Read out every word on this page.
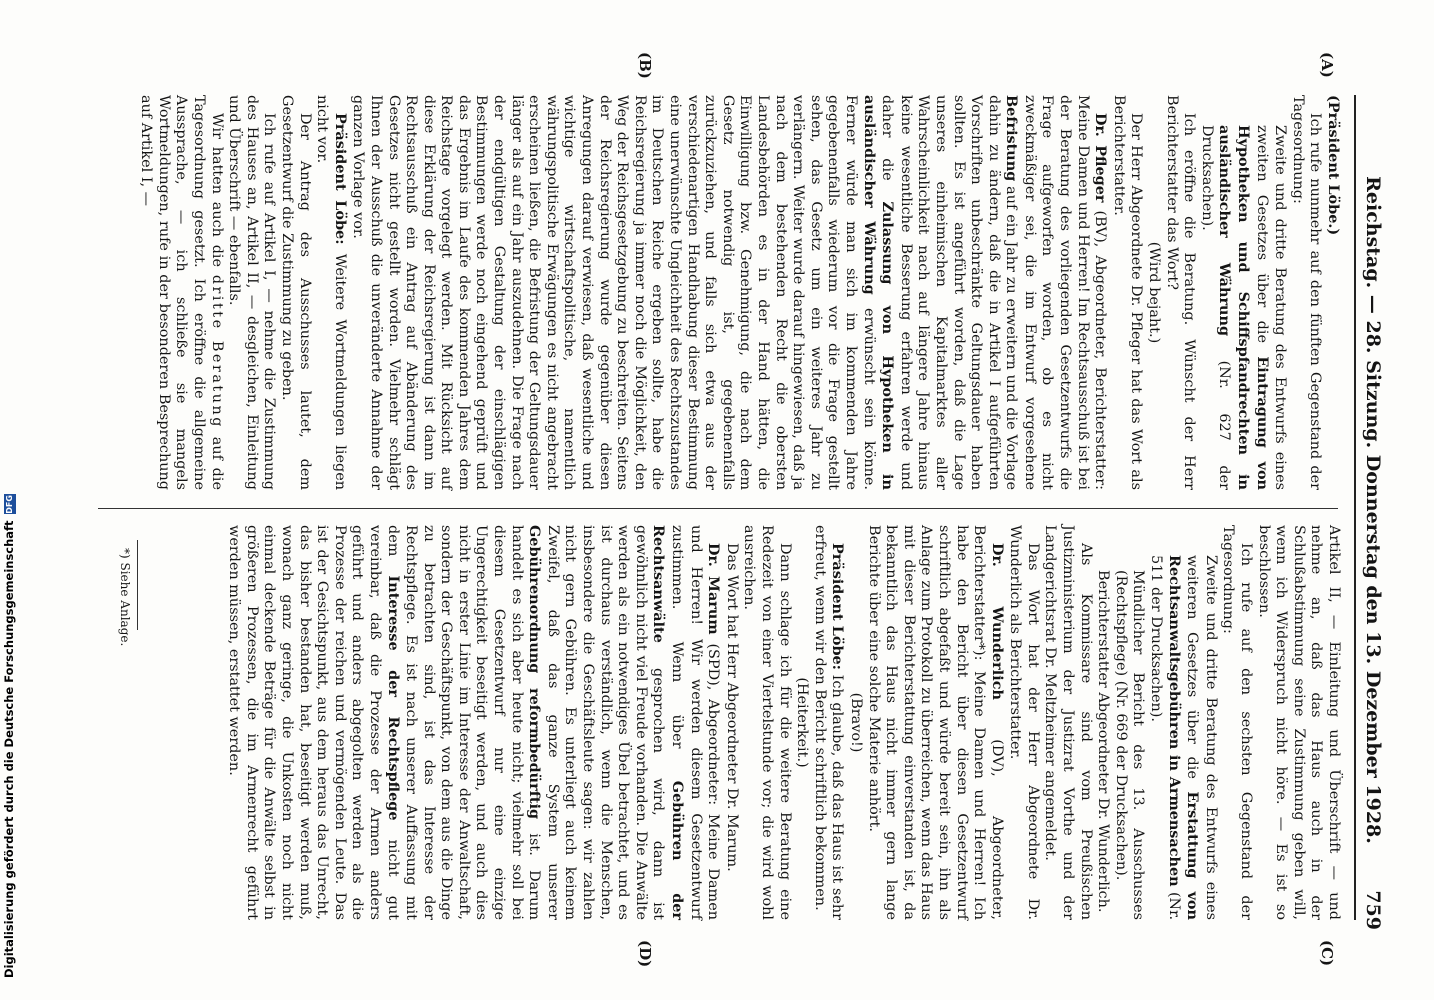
Reichstag. — 28. Sitzung. Donnerstag den 13. Dezember 1928.
759
(A)
(B)
(C)
(D)

(Präsident Löbe.)

Ich rufe nunmehr auf den fünften Gegenstand der Tagesordnung:

Zweite und dritte Beratung des Entwurfs eines zweiten Gesetzes über die Eintragung von Hypotheken und Schiffspfandrechten in ausländischer Währung (Nr. 627 der Drucksachen).

Ich eröffne die Beratung. Wünscht der Herr Berichterstatter das Wort?

(Wird bejaht.)

Der Herr Abgeordnete Dr. Pfleger hat das Wort als Berichterstatter.

Dr. Pfleger (BV), Abgeordneter, Berichterstatter: Meine Damen und Herren! Im Rechtsausschuß ist bei der Beratung des vorliegenden Gesetzentwurfs die Frage aufgeworfen worden, ob es nicht zweckmäßiger sei, die im Entwurf vorgesehene Befristung auf ein Jahr zu erweitern und die Vorlage dahin zu ändern, daß die in Artikel I aufgeführten Vorschriften unbeschränkte Geltungsdauer haben sollten. Es ist angeführt worden, daß die Lage unseres einheimischen Kapitalmarktes aller Wahrscheinlichkeit nach auf längere Jahre hinaus keine wesentliche Besserung erfahren werde und daher die Zulassung von Hypotheken in ausländischer Währung erwünscht sein könne. Ferner würde man sich im kommenden Jahre gegebenenfalls wiederum vor die Frage gestellt sehen, das Gesetz um ein weiteres Jahr zu verlängern. Weiter wurde darauf hingewiesen, daß ja nach dem bestehenden Recht die obersten Landesbehörden es in der Hand hätten, die Einwilligung bzw. Genehmigung, die nach dem Gesetz notwendig ist, gegebenenfalls zurückzuziehen, und falls sich etwa aus der verschiedenartigen Handhabung dieser Bestimmung eine unerwünschte Ungleichheit des Rechtszustandes im Deutschen Reiche ergeben sollte, habe die Reichsregierung ja immer noch die Möglichkeit, den Weg der Reichsgesetzgebung zu beschreiten. Seitens der Reichsregierung wurde gegenüber diesen Anregungen darauf verwiesen, daß wesentliche und wichtige wirtschaftspolitische, namentlich währungspolitische Erwägungen es nicht angebracht erscheinen ließen, die Befristung der Geltungsdauer länger als auf ein Jahr auszudehnen. Die Frage nach der endgültigen Gestaltung der einschlägigen Bestimmungen werde noch eingehend geprüft und das Ergebnis im Laufe des kommenden Jahres dem Reichstage vorgelegt werden. Mit Rücksicht auf diese Erklärung der Reichsregierung ist dann im Rechtsausschuß ein Antrag auf Abänderung des Gesetzes nicht gestellt worden. Vielmehr schlägt Ihnen der Ausschuß die unveränderte Annahme der ganzen Vorlage vor.

Präsident Löbe: Weitere Wortmeldungen liegen nicht vor.

Der Antrag des Ausschusses lautet, dem Gesetzentwurf die Zustimmung zu geben.

Ich rufe auf Artikel I, — nehme die Zustimmung des Hauses an, Artikel II, — desgleichen, Einleitung und Überschrift — ebenfalls.

Wir hatten auch die dritte Beratung auf die Tagesordnung gesetzt. Ich eröffne die allgemeine Aussprache, — ich schließe sie mangels Wortmeldungen, rufe in der besonderen Besprechung auf Artikel I, —

Artikel II, — Einleitung und Überschrift — und nehme an, daß das Haus auch in der Schlußabstimmung seine Zustimmung geben will, wenn ich Widerspruch nicht höre. — Es ist so beschlossen.

Ich rufe auf den sechsten Gegenstand der Tagesordnung:

Zweite und dritte Beratung des Entwurfs eines weiteren Gesetzes über die Erstattung von Rechtsanwaltsgebühren in Armensachen (Nr. 511 der Drucksachen).

Mündlicher Bericht des 13. Ausschusses (Rechtspflege) (Nr. 669 der Drucksachen).

Berichterstatter Abgeordneter Dr. Wunderlich.

Als Kommissare sind vom Preußischen Justizministerium der Justizrat Vorthe und der Landgerichtsrat Dr. Meltzheimer angemeldet.

Das Wort hat der Herr Abgeordnete Dr. Wunderlich als Berichterstatter.

Dr. Wunderlich (DV), Abgeordneter, Berichterstatter*): Meine Damen und Herren! Ich habe den Bericht über diesen Gesetzentwurf schriftlich abgefaßt und würde bereit sein, ihn als Anlage zum Protokoll zu überreichen, wenn das Haus mit dieser Berichterstattung einverstanden ist, da bekanntlich das Haus nicht immer gern lange Berichte über eine solche Materie anhört.

(Bravo!)

Präsident Löbe: Ich glaube, daß das Haus ist sehr erfreut, wenn wir den Bericht schriftlich bekommen.

(Heiterkeit.)

Dann schlage ich für die weitere Beratung eine Redezeit von einer Viertelstunde vor; die wird wohl ausreichen.

Das Wort hat Herr Abgeordneter Dr. Marum.

Dr. Marum (SPD), Abgeordneter: Meine Damen und Herren! Wir werden diesem Gesetzentwurf zustimmen. Wenn über Gebühren der Rechtsanwälte gesprochen wird, dann ist gewöhnlich nicht viel Freude vorhanden. Die Anwälte werden als ein notwendiges Übel betrachtet, und es ist durchaus verständlich, wenn die Menschen, insbesondere die Geschäftsleute sagen: wir zahlen nicht gern Gebühren. Es unterliegt auch keinem Zweifel, daß das ganze System unserer Gebührenordnung reformbedürftig ist. Darum handelt es sich aber heute nicht; vielmehr soll bei diesem Gesetzentwurf nur eine einzige Ungerechtigkeit beseitigt werden, und auch dies nicht in erster Linie im Interesse der Anwaltschaft, sondern der Geschäftspunkt, von dem aus die Dinge zu betrachten sind, ist das Interesse der Rechtspflege. Es ist nach unserer Auffassung mit dem Interesse der Rechtspflege nicht gut vereinbar, daß die Prozesse der Armen anders geführt und anders abgegolten werden als die Prozesse der reichen und vermögenden Leute. Das ist der Gesichtspunkt, aus dem heraus das Unrecht, das bisher bestanden hat, beseitigt werden muß, wonach ganz geringe, die Unkosten noch nicht einmal deckende Beträge für die Anwälte selbst in größeren Prozessen, die im Armenrecht geführt werden müssen, erstattet werden.

*) Siehe Anlage.
Digitalisierung gefördert durch die Deutsche ForschungsgemeinschaftDFG
